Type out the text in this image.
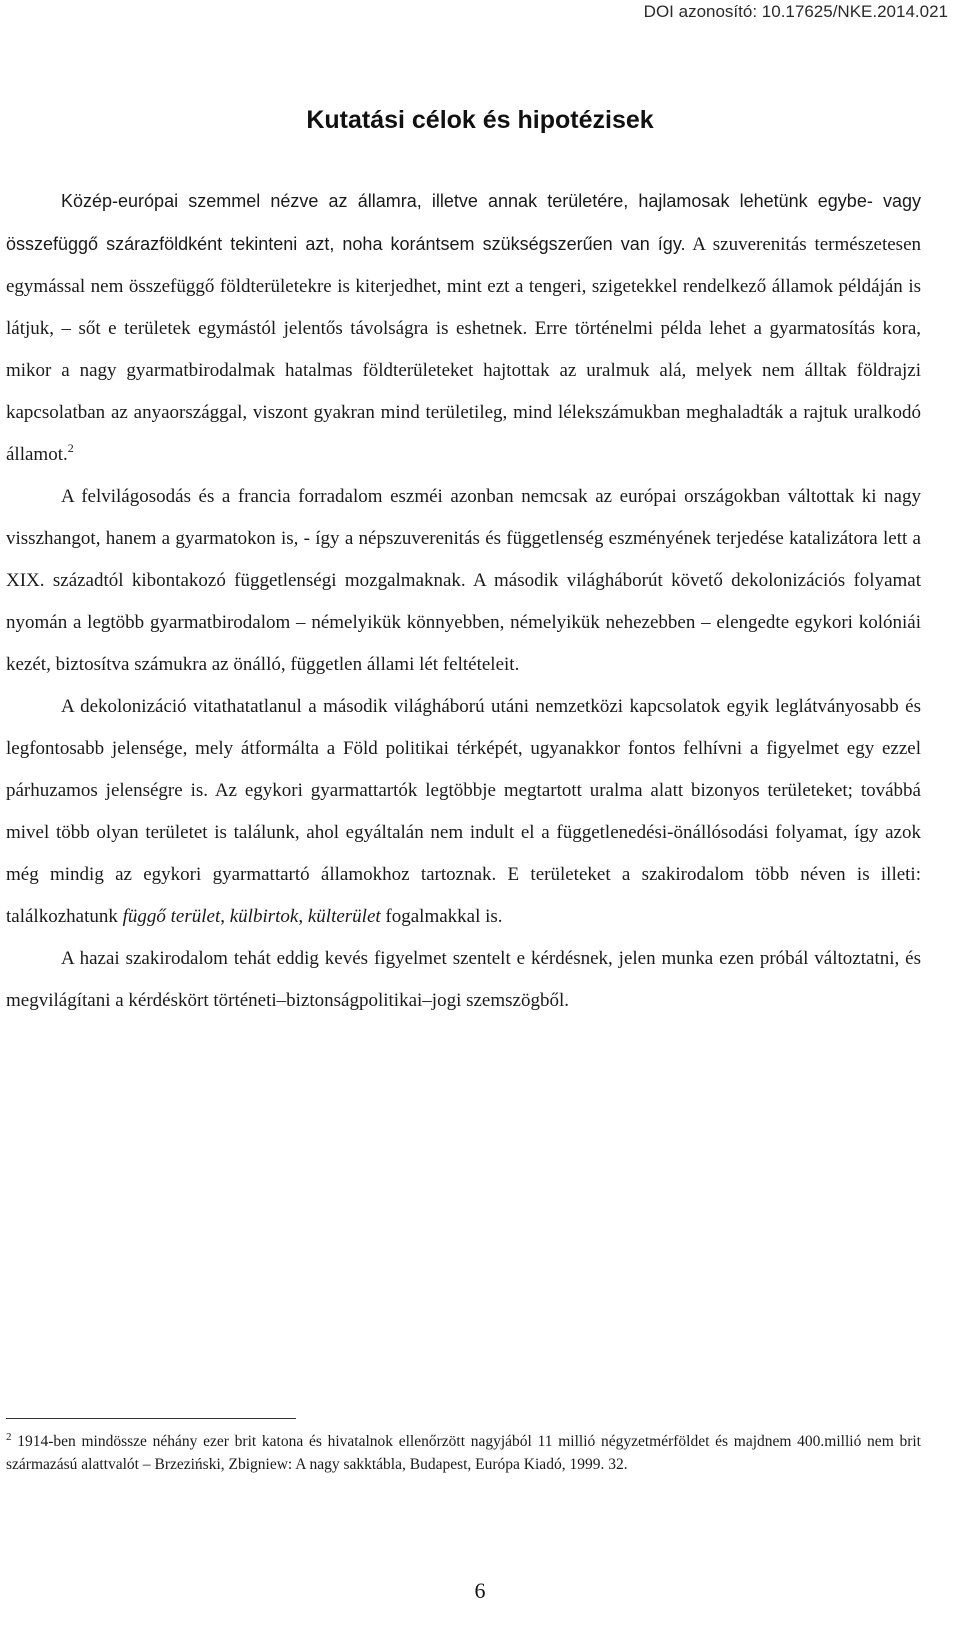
DOI azonosító: 10.17625/NKE.2014.021
Kutatási célok és hipotézisek

Közép-európai szemmel nézve az államra, illetve annak területére, hajlamosak lehetünk egybe- vagy összefüggő szárazföldként tekinteni azt, noha korántsem szükségszerűen van így. A szuverenitás természetesen egymással nem összefüggő földterületekre is kiterjedhet, mint ezt a tengeri, szigetekkel rendelkező államok példáján is látjuk, – sőt e területek egymástól jelentős távolságra is eshetnek. Erre történelmi példa lehet a gyarmatosítás kora, mikor a nagy gyarmatbirodalmak hatalmas földterületeket hajtottak az uralmuk alá, melyek nem álltak földrajzi kapcsolatban az anyaországgal, viszont gyakran mind területileg, mind lélekszámukban meghaladták a rajtuk uralkodó államot.$^2$

A felvilágosodás és a francia forradalom eszméi azonban nemcsak az európai országokban váltottak ki nagy visszhangot, hanem a gyarmatokon is, - így a népszuverenitás és függetlenség eszményének terjedése katalizátora lett a XIX. századtól kibontakozó függetlenségi mozgalmaknak. A második világháborút követő dekolonizációs folyamat nyomán a legtöbb gyarmatbirodalom – némelyikük könnyebben, némelyikük nehezebben – elengedte egykori kolóniái kezét, biztosítva számukra az önálló, független állami lét feltételeit.

A dekolonizáció vitathatatlanul a második világháború utáni nemzetközi kapcsolatok egyik leglátványosabb és legfontosabb jelensége, mely átformálta a Föld politikai térképét, ugyanakkor fontos felhívni a figyelmet egy ezzel párhuzamos jelenségre is. Az egykori gyarmattartók legtöbbje megtartott uralma alatt bizonyos területeket; továbbá mivel több olyan területet is találunk, ahol egyáltalán nem indult el a függetlenedési-önállósodási folyamat, így azok még mindig az egykori gyarmattartó államokhoz tartoznak. E területeket a szakirodalom több néven is illeti: találkozhatunk függő terület, külbirtok, külterület fogalmakkal is.

A hazai szakirodalom tehát eddig kevés figyelmet szentelt e kérdésnek, jelen munka ezen próbál változtatni, és megvilágítani a kérdéskört történeti–biztonságpolitikai–jogi szemszögből.

$^2$ 1914-ben mindössze néhány ezer brit katona és hivatalnok ellenőrzött nagyjából 11 millió négyzetmérföldet és majdnem 400.millió nem brit származású alattvalót – Brzeziński, Zbigniew: A nagy sakktábla, Budapest, Európa Kiadó, 1999. 32.
6
